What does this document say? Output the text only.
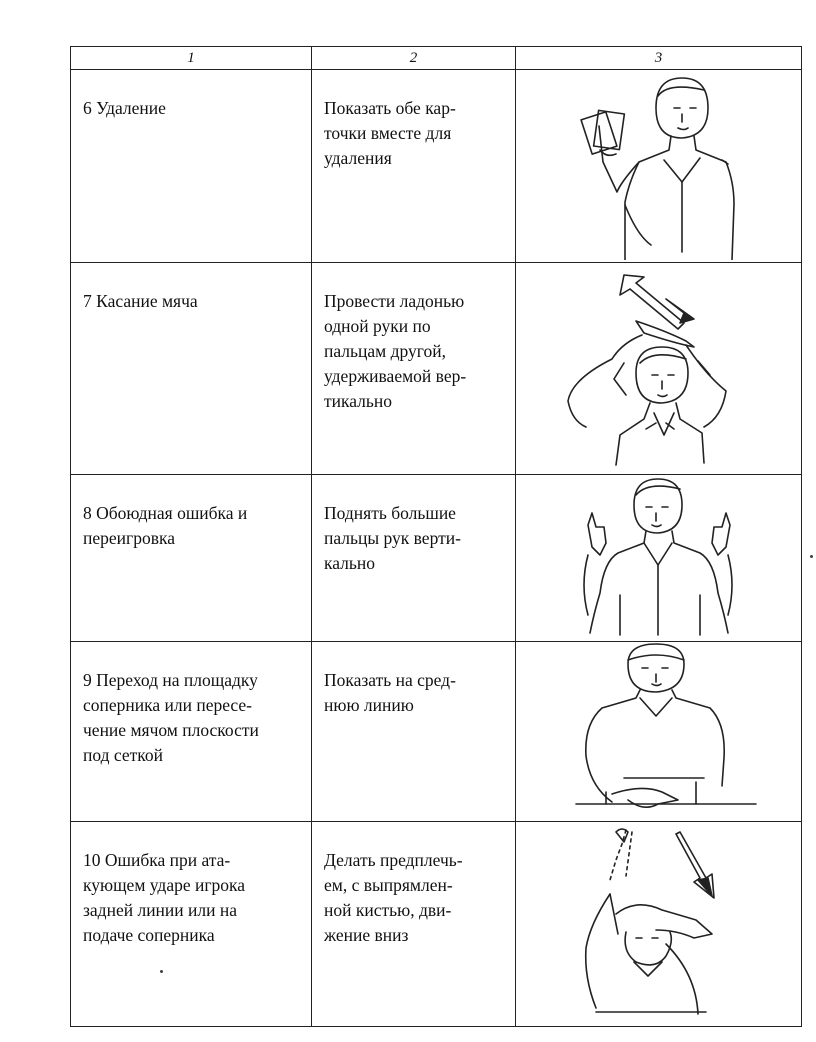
1	2	3

6 Удаление	Показать обе кар-
точки вместе для
удаления

7 Касание мяча	Провести ладонью
одной руки по
пальцам другой,
удерживаемой вер-
тикально

8 Обоюдная ошибка и
переигровка	Поднять большие
пальцы рук верти-
кально

9 Переход на площадку
соперника или пересе-
чение мячом плоскости
под сеткой	Показать на сред-
нюю линию

10 Ошибка при ата-
кующем ударе игрока
задней линии или на
подаче соперника	Делать предплечь-
ем, с выпрямлен-
ной кистью, дви-
жение вниз
